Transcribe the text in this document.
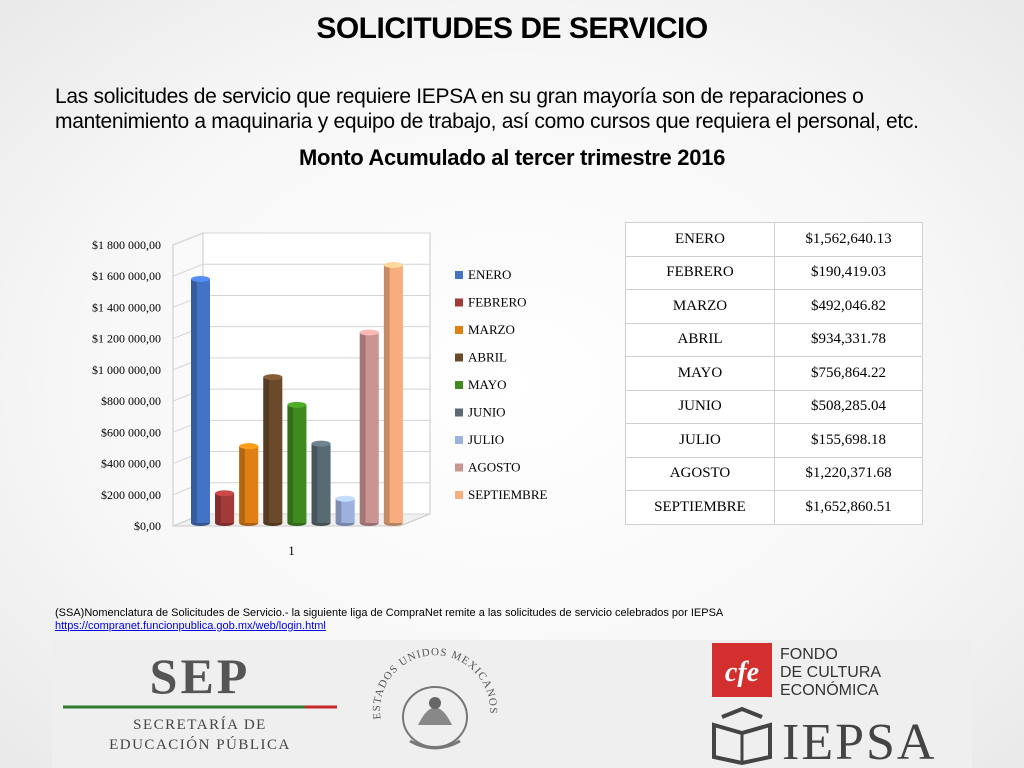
SOLICITUDES DE SERVICIO
Las solicitudes de servicio que requiere IEPSA en su gran mayoría son de reparaciones o mantenimiento a maquinaria y equipo de trabajo, así como cursos que requiera el personal, etc.
Monto Acumulado al tercer trimestre 2016
$0,00
$200 000,00
$400 000,00
$600 000,00
$800 000,00
$1 000 000,00
$1 200 000,00
$1 400 000,00
$1 600 000,00
$1 800 000,00
1
ENERO
FEBRERO
MARZO
ABRIL
MAYO
JUNIO
JULIO
AGOSTO
SEPTIEMBRE
ENERO	$1,562,640.13
FEBRERO	$190,419.03
MARZO	$492,046.82
ABRIL	$934,331.78
MAYO	$756,864.22
JUNIO	$508,285.04
JULIO	$155,698.18
AGOSTO	$1,220,371.68
SEPTIEMBRE	$1,652,860.51
(SSA)Nomenclatura de Solicitudes de Servicio.- la siguiente liga de CompraNet remite a las solicitudes de servicio celebrados por IEPSA
https://compranet.funcionpublica.gob.mx/web/login.html
SEP
SECRETARÍA DE
EDUCACIÓN PÚBLICA
ESTADOS UNIDOS MEXICANOS
cfe
FONDO
DE CULTURA
ECONÓMICA
IEPSA
